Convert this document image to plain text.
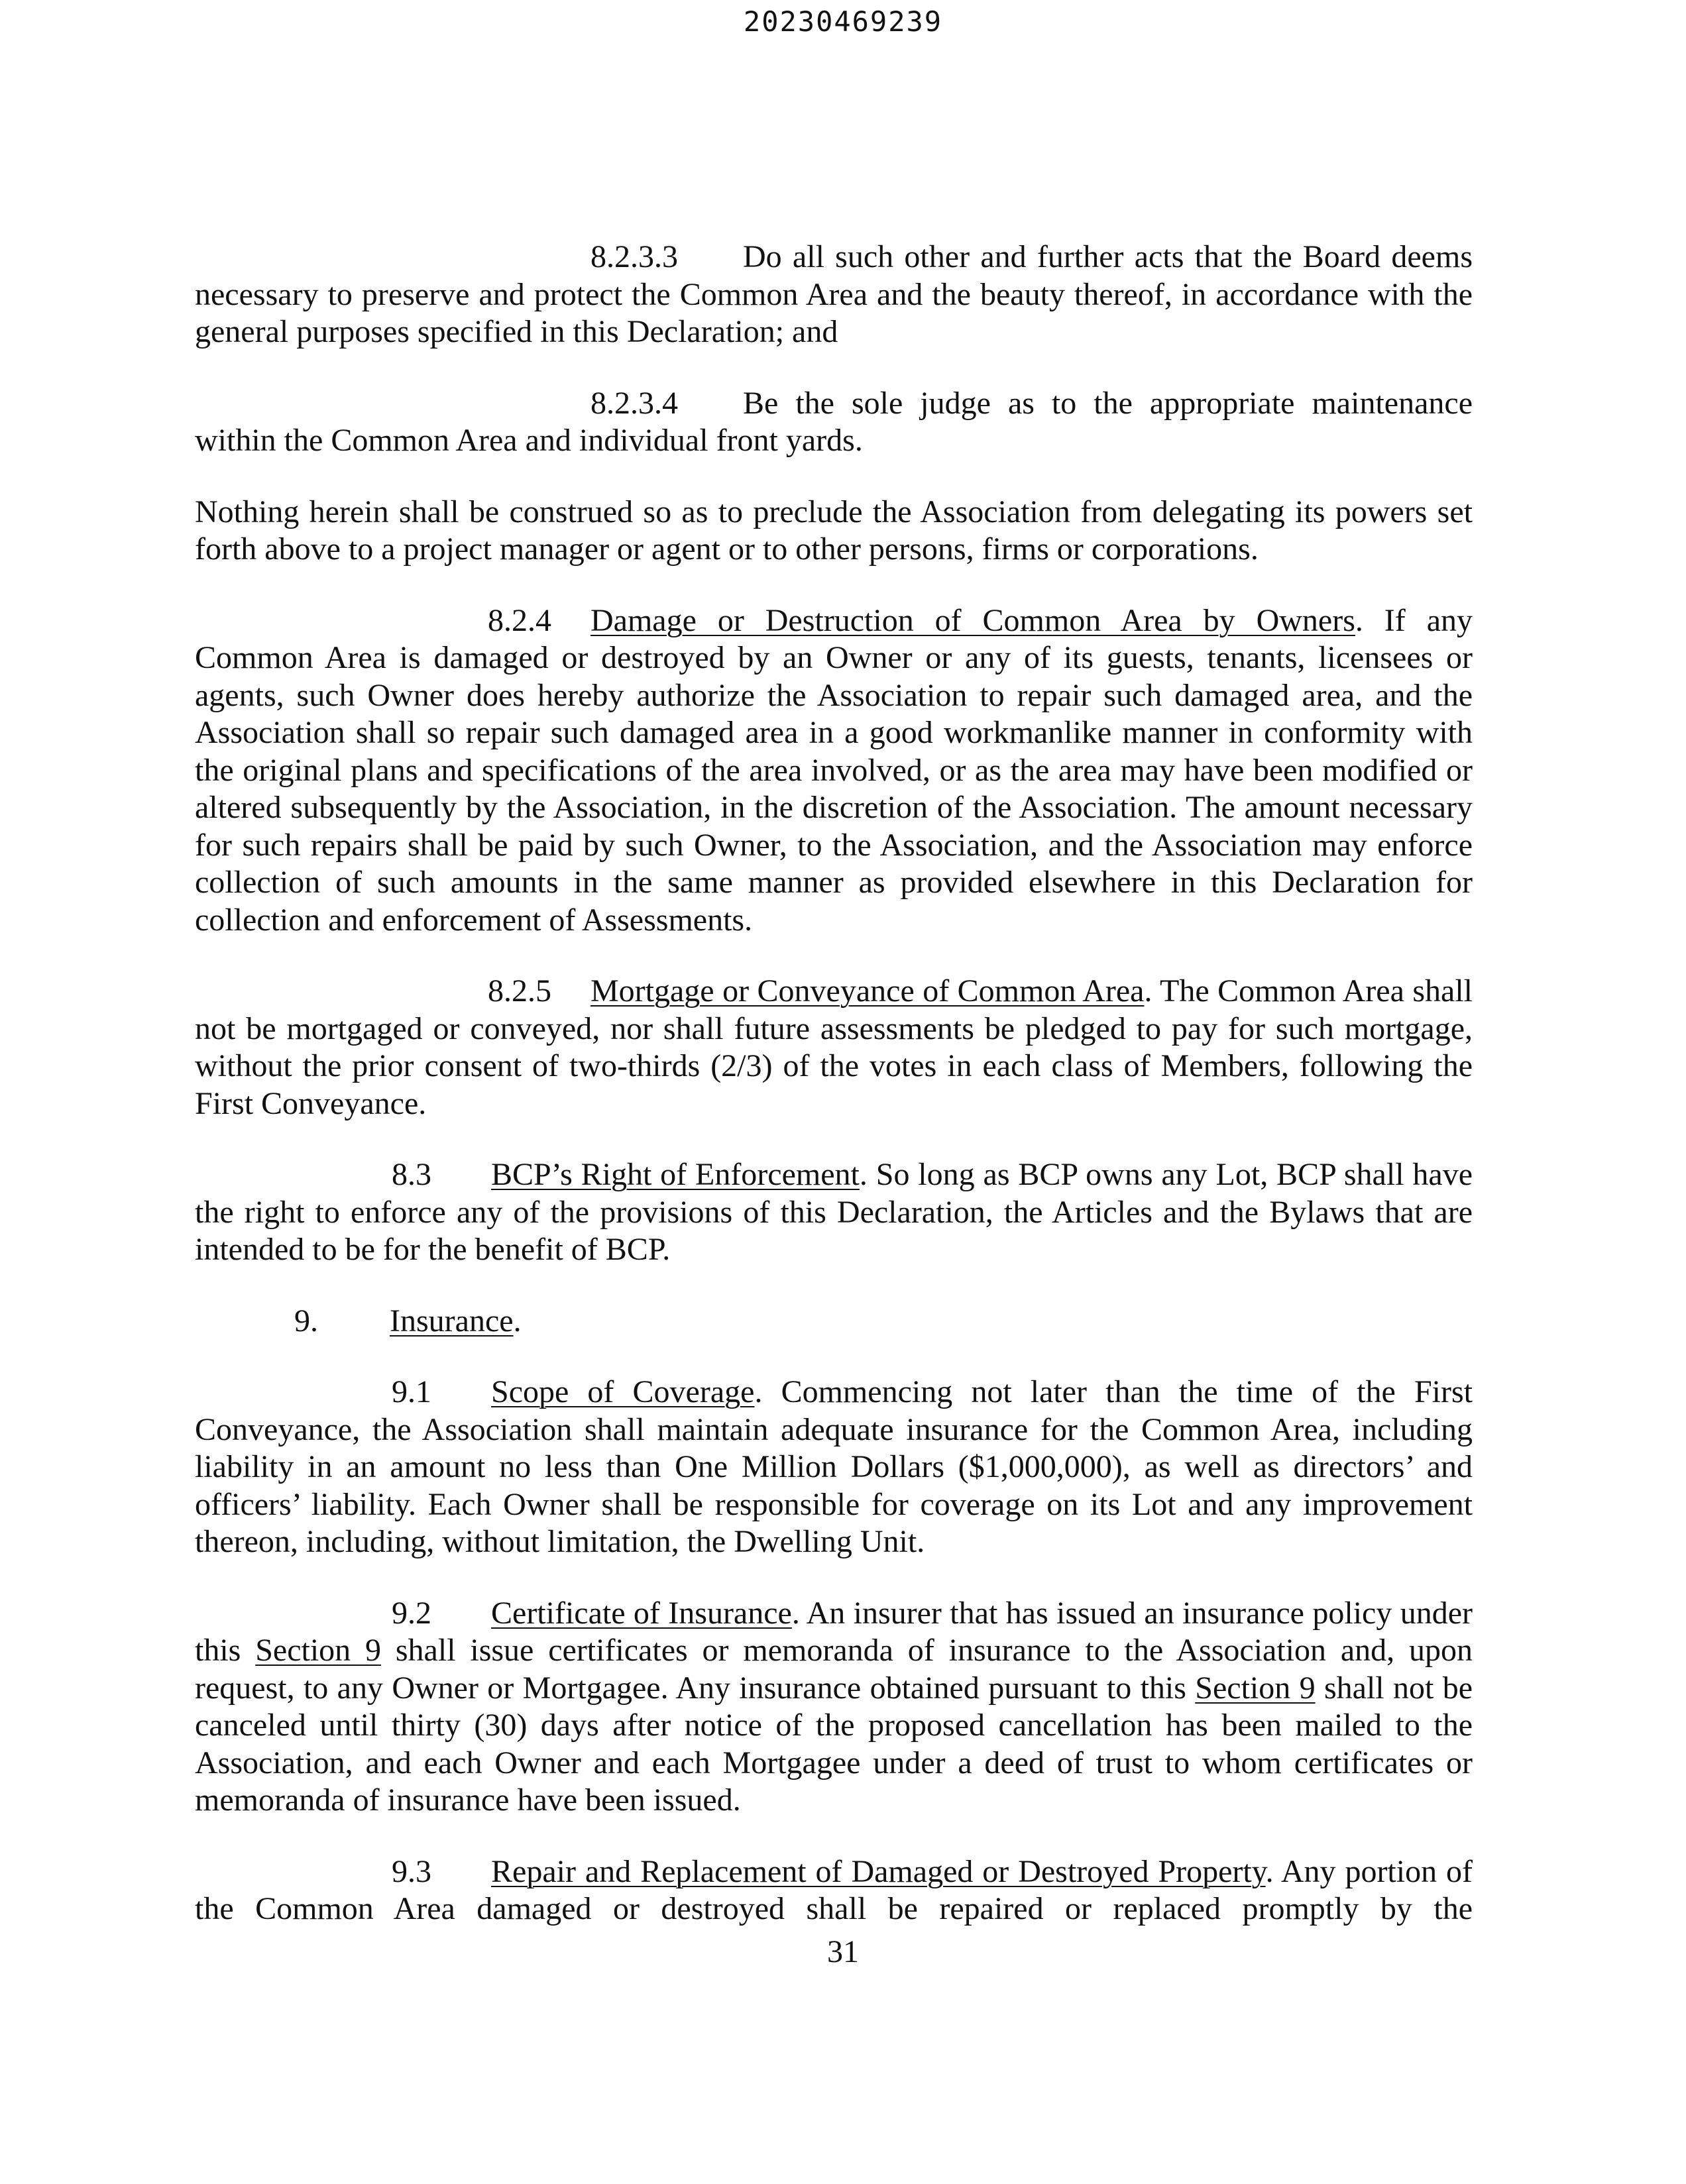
20230469239

8.2.3.3 Do all such other and further acts that the Board deems necessary to preserve and protect the Common Area and the beauty thereof, in accordance with the general purposes specified in this Declaration; and

8.2.3.4 Be the sole judge as to the appropriate maintenance within the Common Area and individual front yards.

Nothing herein shall be construed so as to preclude the Association from delegating its powers set forth above to a project manager or agent or to other persons, firms or corporations.

8.2.4 Damage or Destruction of Common Area by Owners. If any Common Area is damaged or destroyed by an Owner or any of its guests, tenants, licensees or agents, such Owner does hereby authorize the Association to repair such damaged area, and the Association shall so repair such damaged area in a good workmanlike manner in conformity with the original plans and specifications of the area involved, or as the area may have been modified or altered subsequently by the Association, in the discretion of the Association. The amount necessary for such repairs shall be paid by such Owner, to the Association, and the Association may enforce collection of such amounts in the same manner as provided elsewhere in this Declaration for collection and enforcement of Assessments.

8.2.5 Mortgage or Conveyance of Common Area. The Common Area shall not be mortgaged or conveyed, nor shall future assessments be pledged to pay for such mortgage, without the prior consent of two-thirds (2/3) of the votes in each class of Members, following the First Conveyance.

8.3 BCP’s Right of Enforcement. So long as BCP owns any Lot, BCP shall have the right to enforce any of the provisions of this Declaration, the Articles and the Bylaws that are intended to be for the benefit of BCP.

9. Insurance.

9.1 Scope of Coverage. Commencing not later than the time of the First Conveyance, the Association shall maintain adequate insurance for the Common Area, including liability in an amount no less than One Million Dollars ($1,000,000), as well as directors’ and officers’ liability. Each Owner shall be responsible for coverage on its Lot and any improvement thereon, including, without limitation, the Dwelling Unit.

9.2 Certificate of Insurance. An insurer that has issued an insurance policy under this Section 9 shall issue certificates or memoranda of insurance to the Association and, upon request, to any Owner or Mortgagee. Any insurance obtained pursuant to this Section 9 shall not be canceled until thirty (30) days after notice of the proposed cancellation has been mailed to the Association, and each Owner and each Mortgagee under a deed of trust to whom certificates or memoranda of insurance have been issued.

9.3 Repair and Replacement of Damaged or Destroyed Property. Any portion of the Common Area damaged or destroyed shall be repaired or replaced promptly by the

31
